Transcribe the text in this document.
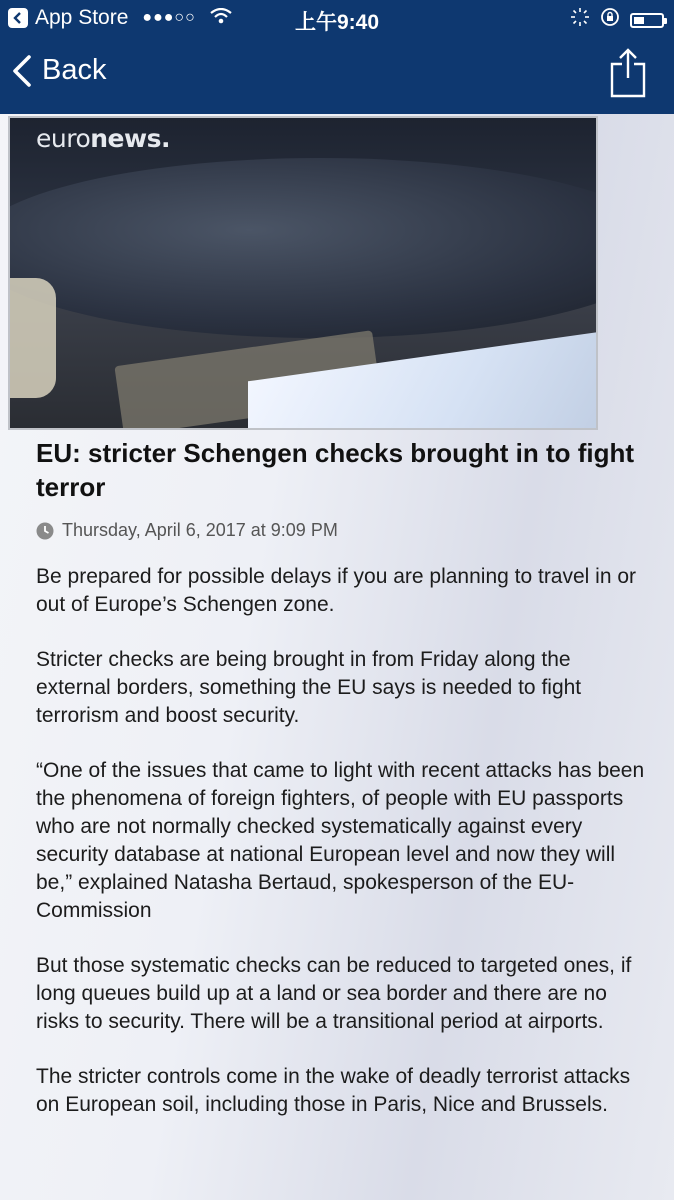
App Store ●●●○○	上午9:40
Back
euronews.
EU: stricter Schengen checks brought in to fight terror
Thursday, April 6, 2017 at 9:09 PM

Be prepared for possible delays if you are planning to travel in or out of Europe’s Schengen zone.

Stricter checks are being brought in from Friday along the external borders, something the EU says is needed to fight terrorism and boost security.

“One of the issues that came to light with recent attacks has been the phenomena of foreign fighters, of people with EU passports who are not normally checked systematically against every security database at national European level and now they will be,” explained Natasha Bertaud, spokesperson of the EU-Commission

But those systematic checks can be reduced to targeted ones, if long queues build up at a land or sea border and there are no risks to security. There will be a transitional period at airports.

The stricter controls come in the wake of deadly terrorist attacks on European soil, including those in Paris, Nice and Brussels.
